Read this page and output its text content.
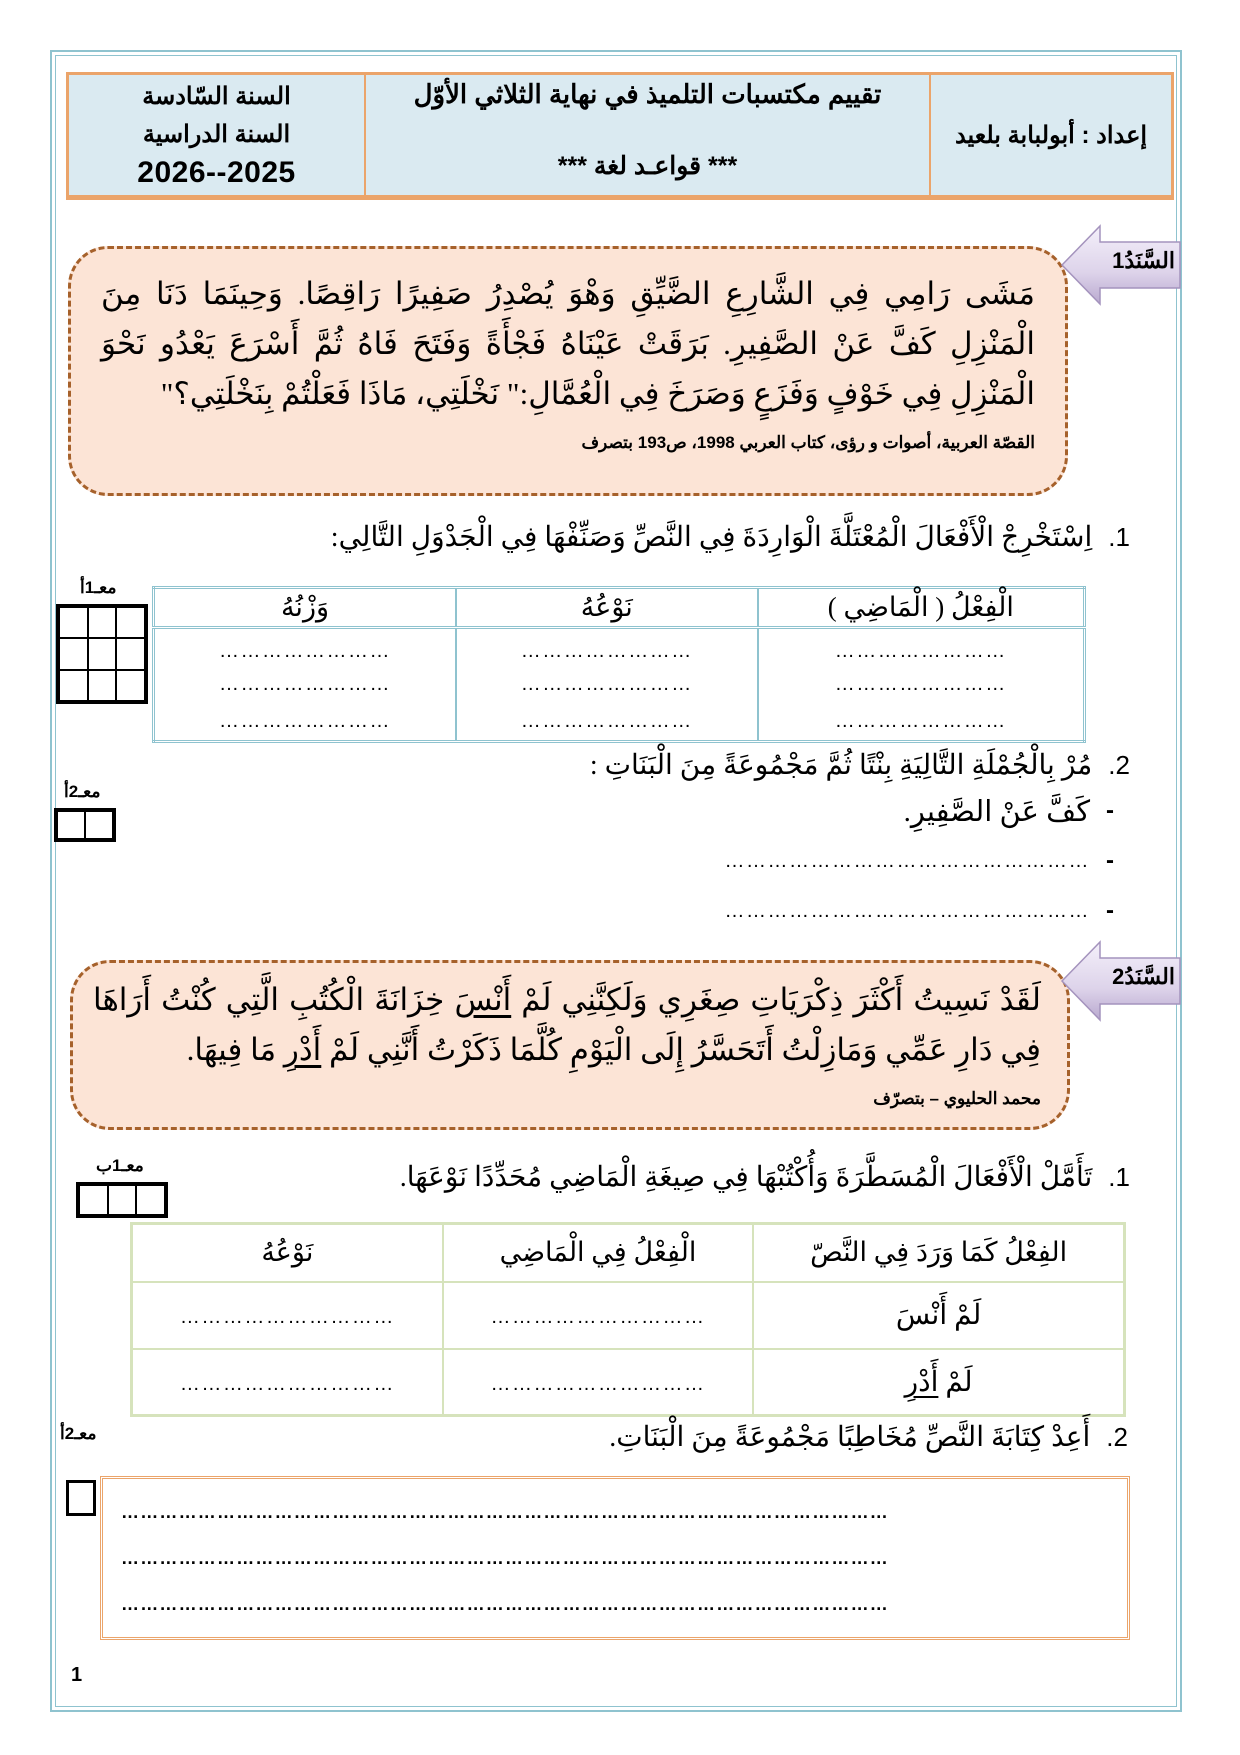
إعداد : أبولبابة بلعيد
تقييم مكتسبات التلميذ في نهاية الثلاثي الأوّل
*** قواعـد لغة ***
السنة السّادسة
السنة الدراسية
2026--2025

مَشَى رَامِي فِي الشَّارِعِ الضَّيِّقِ وَهْوَ يُصْدِرُ صَفِيرًا رَاقِصًا. وَحِينَمَا دَنَا مِنَ الْمَنْزِلِ كَفَّ عَنْ الصَّفِيرِ. بَرَقَتْ عَيْنَاهُ فَجْأَةً وَفَتَحَ فَاهُ ثُمَّ أَسْرَعَ يَعْدُو نَحْوَ الْمَنْزِلِ فِي خَوْفٍ وَفَزَعٍ وَصَرَخَ فِي الْعُمَّالِ:" نَخْلَتِي، مَاذَا فَعَلْتُمْ بِنَخْلَتِي؟"

القصّة العربية، أصوات و رؤى، كتاب العربي 1998، ص193 بتصرف

السَّنَدُ1
1.اِسْتَخْرِجْ الْأَفْعَالَ الْمُعْتَلَّةَ الْوَارِدَةَ فِي النَّصِّ وَصَنِّفْهَا فِي الْجَدْوَلِ التَّالِي:
معـ1أ
الْفِعْلُ ( الْمَاضِي )	نَوْعُهُ	وَزْنُهُ
……………………	……………………	……………………
……………………	……………………	……………………
……………………	……………………	……………………
2.مُرْ بِالْجُمْلَةِ التَّالِيَةِ بِنْتًا ثُمَّ مَجْمُوعَةً مِنَ الْبَنَاتِ :
معـ2أ
-
كَفَّ عَنْ الصَّفِيرِ.
-
……………………………………………
-
……………………………………………

لَقَدْ نَسِيتُ أَكْثَرَ ذِكْرَيَاتِ صِغَرِي وَلَكِنَّنِي لَمْ أَنْسَ خِزَانَةَ الْكُتُبِ الَّتِي كُنْتُ أَرَاهَا فِي دَارِ عَمِّي وَمَازِلْتُ أَتَحَسَّرُ إِلَى الْيَوْمِ كُلَّمَا ذَكَرْتُ أَنَّنِي لَمْ أَدْرِ مَا فِيهَا.

محمد الحليوي – بتصرّف

السَّنَدُ2
معـ1ب	1.تَأَمَّلْ الْأَفْعَالَ الْمُسَطَّرَةَ وَأُكْتُبْهَا فِي صِيغَةِ الْمَاضِي مُحَدِّدًا نَوْعَهَا.
الفِعْلُ كَمَا وَرَدَ فِي النَّصّ	الْفِعْلُ فِي الْمَاضِي	نَوْعُهُ
لَمْ أَنْسَ	…………………………	…………………………
لَمْ أَدْرِ	…………………………	…………………………
معـ2أ	2.أَعِدْ كِتَابَةَ النَّصِّ مُخَاطِبًا مَجْمُوعَةً مِنَ الْبَنَاتِ.
…………………………………………………………………………………………………………
…………………………………………………………………………………………………………
…………………………………………………………………………………………………………
1
